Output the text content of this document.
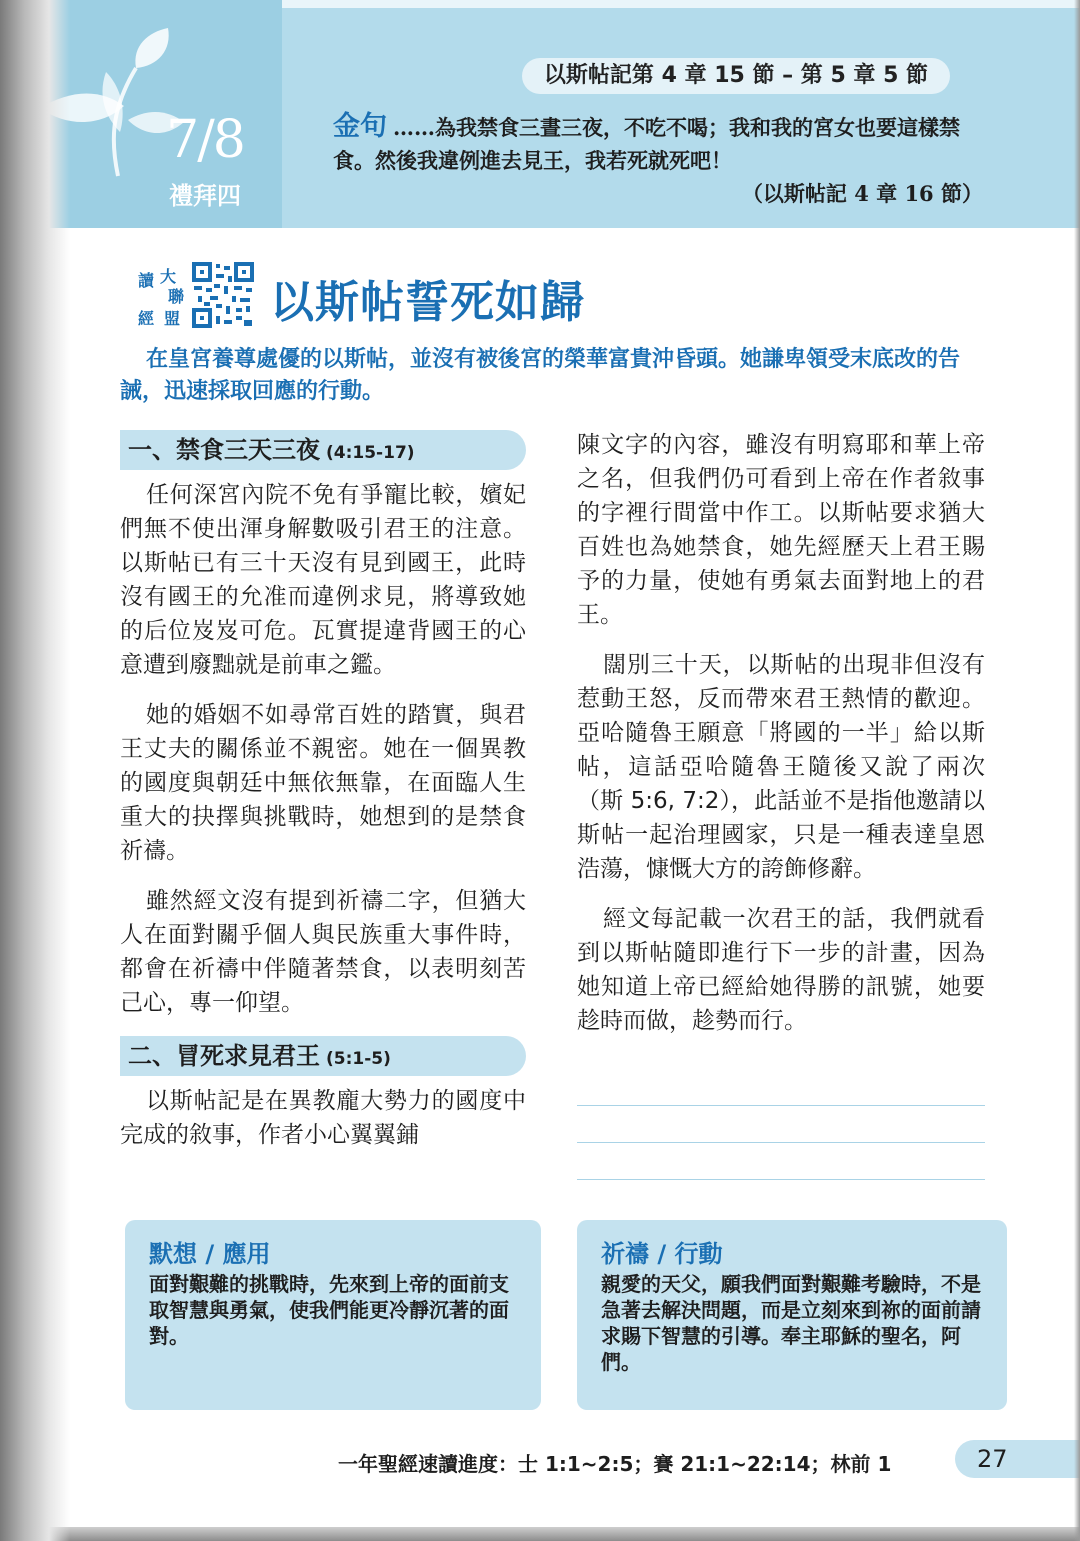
7/8
禮拜四
以斯帖記第 4 章 15 節 – 第 5 章 5 節
金句 ……為我禁食三晝三夜，不吃不喝；我和我的宮女也要這樣禁食。然後我違例進去見王，我若死就死吧！
（以斯帖記 4 章 16 節）
讀 大
聯
經 盟 以斯帖誓死如歸
在皇宮養尊處優的以斯帖，並沒有被後宮的榮華富貴沖昏頭。她謙卑領受末底改的告誡，迅速採取回應的行動。
一、禁食三天三夜 (4:15-17)

任何深宮內院不免有爭寵比較，嬪妃們無不使出渾身解數吸引君王的注意。以斯帖已有三十天沒有見到國王，此時沒有國王的允准而違例求見，將導致她的后位岌岌可危。瓦實提違背國王的心意遭到廢黜就是前車之鑑。

她的婚姻不如尋常百姓的踏實，與君王丈夫的關係並不親密。她在一個異教的國度與朝廷中無依無靠，在面臨人生重大的抉擇與挑戰時，她想到的是禁食祈禱。

雖然經文沒有提到祈禱二字，但猶大人在面對關乎個人與民族重大事件時，都會在祈禱中伴隨著禁食，以表明刻苦己心，專一仰望。

二、冒死求見君王 (5:1-5)

以斯帖記是在異教龐大勢力的國度中完成的敘事，作者小心翼翼鋪

陳文字的內容，雖沒有明寫耶和華上帝之名，但我們仍可看到上帝在作者敘事的字裡行間當中作工。以斯帖要求猶大百姓也為她禁食，她先經歷天上君王賜予的力量，使她有勇氣去面對地上的君王。

闊別三十天，以斯帖的出現非但沒有惹動王怒，反而帶來君王熱情的歡迎。亞哈隨魯王願意「將國的一半」給以斯帖，這話亞哈隨魯王隨後又說了兩次（斯 5:6, 7:2），此話並不是指他邀請以斯帖一起治理國家，只是一種表達皇恩浩蕩，慷慨大方的誇飾修辭。

經文每記載一次君王的話，我們就看到以斯帖隨即進行下一步的計畫，因為她知道上帝已經給她得勝的訊號，她要趁時而做，趁勢而行。

默想 / 應用
面對艱難的挑戰時，先來到上帝的面前支取智慧與勇氣，使我們能更冷靜沉著的面對。
祈禱 / 行動
親愛的天父，願我們面對艱難考驗時，不是急著去解決問題，而是立刻來到祢的面前請求賜下智慧的引導。奉主耶穌的聖名，阿們。
一年聖經速讀進度：士 1:1~2:5；賽 21:1~22:14；林前 1	27
